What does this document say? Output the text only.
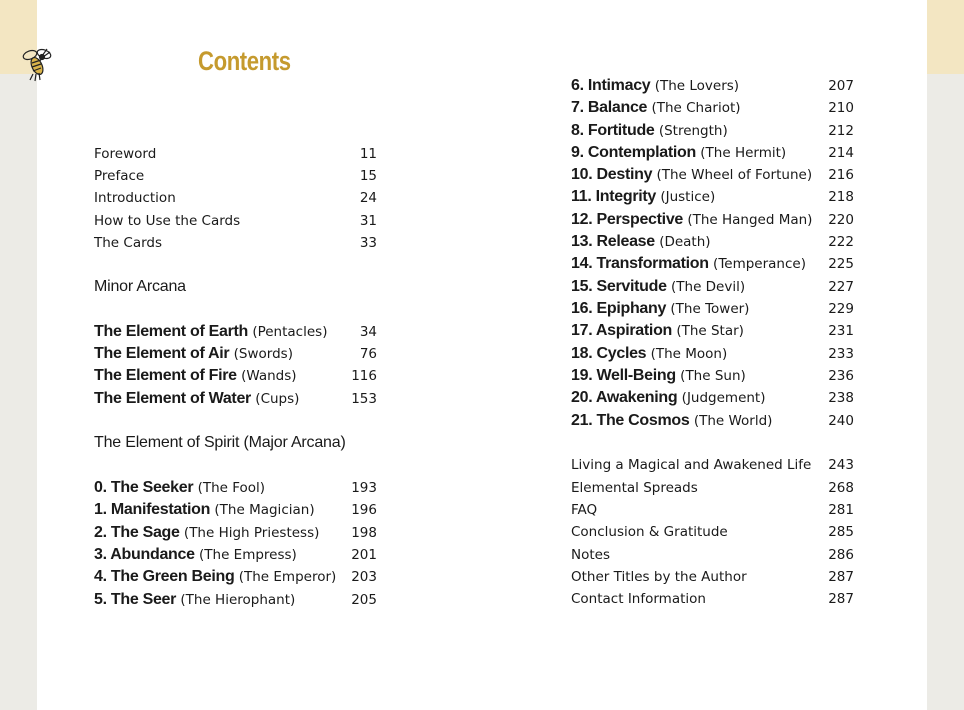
Contents
Foreword	11
Preface	15
Introduction	24
How to Use the Cards	31
The Cards	33
Minor Arcana
The Element of Earth (Pentacles) 34
The Element of Air (Swords)	76
The Element of Fire (Wands)	116
The Element of Water (Cups)	153
The Element of Spirit (Major Arcana)
0. The Seeker (The Fool)	193
1. Manifestation (The Magician)	196
2. The Sage (The High Priestess) 198
3. Abundance (The Empress)	201
4. The Green Being (The Emperor) 203
5. The Seer (The Hierophant)	205
6. Intimacy (The Lovers)	207
7. Balance (The Chariot)	210
8. Fortitude (Strength)	212
9. Contemplation (The Hermit)	214
10. Destiny (The Wheel of Fortune) 216
11. Integrity (Justice)	218
12. Perspective (The Hanged Man) 220
13. Release (Death)	222
14. Transformation (Temperance) 225
15. Servitude (The Devil)	227
16. Epiphany (The Tower)	229
17. Aspiration (The Star)	231
18. Cycles (The Moon)	233
19. Well-Being (The Sun)	236
20. Awakening (Judgement)	238
21. The Cosmos (The World)	240
Living a Magical and Awakened Life 243
Elemental Spreads	268
FAQ	281
Conclusion & Gratitude	285
Notes	286
Other Titles by the Author	287
Contact Information	287
